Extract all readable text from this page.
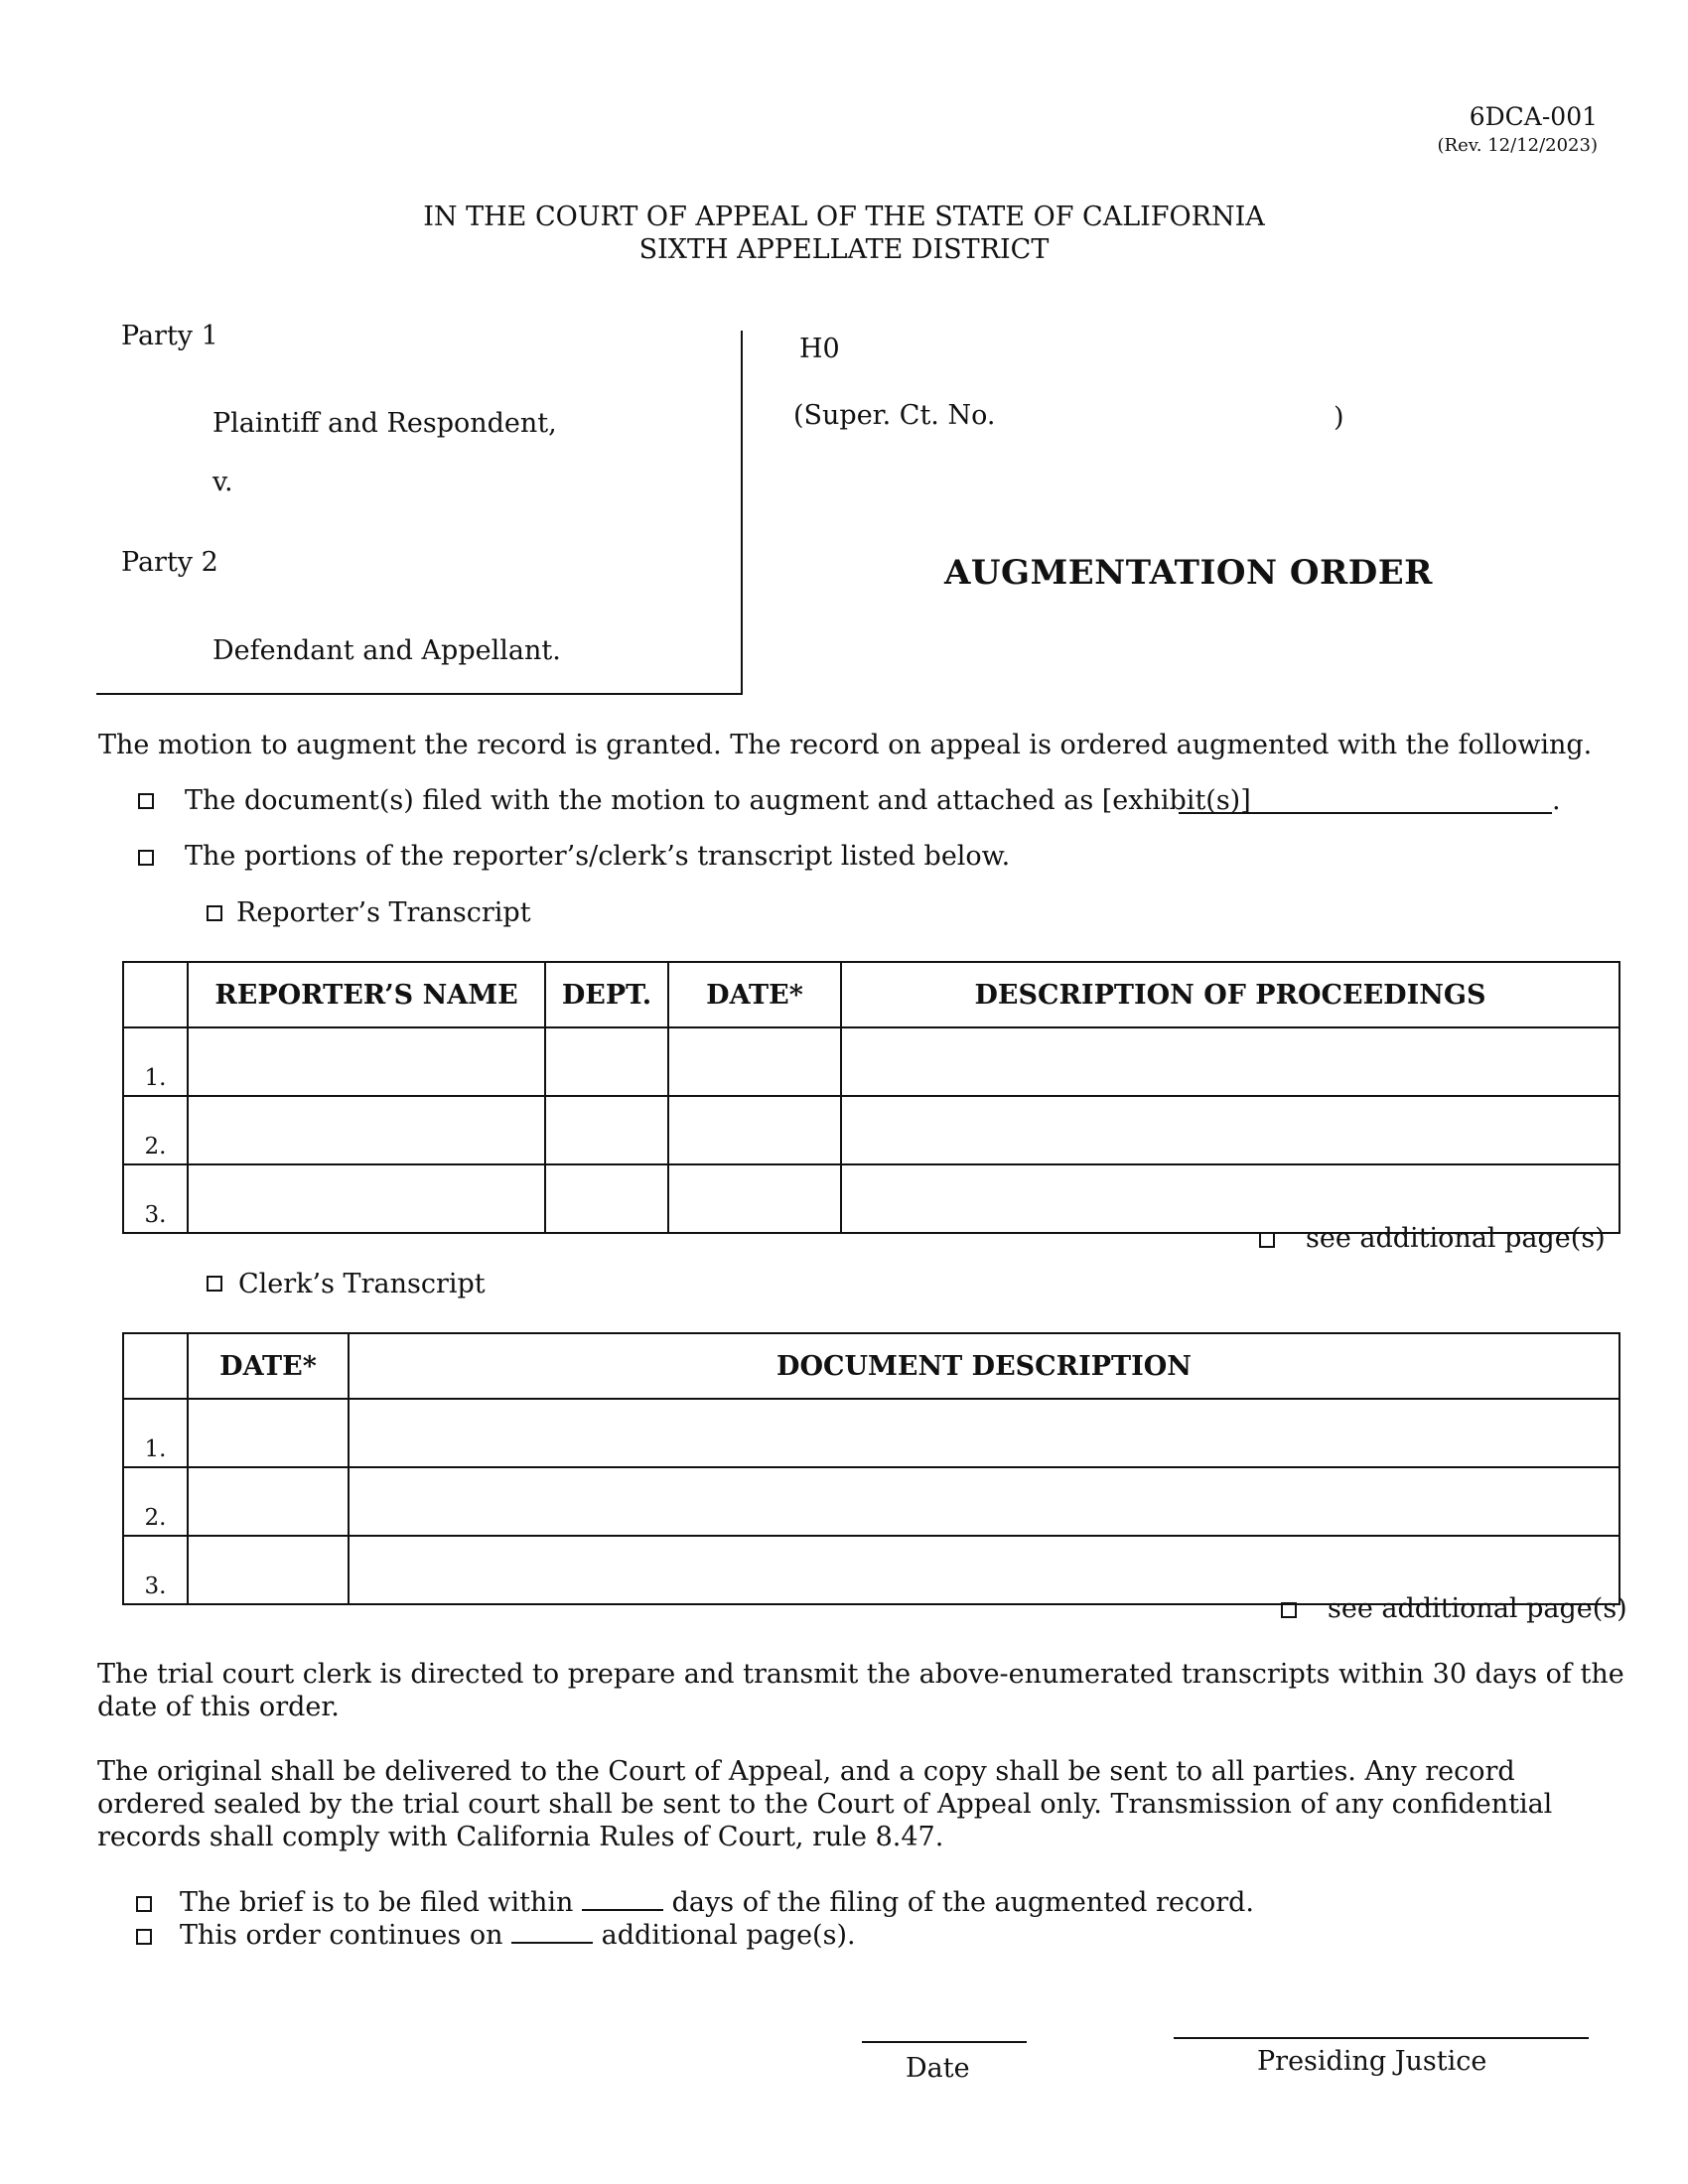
6DCA-001
(Rev. 12/12/2023)
IN THE COURT OF APPEAL OF THE STATE OF CALIFORNIA
SIXTH APPELLATE DISTRICT
Party 1
Plaintiff and Respondent,
v.
Party 2
Defendant and Appellant.
H0
(Super. Ct. No.	)
AUGMENTATION ORDER
The motion to augment the record is granted. The record on appeal is ordered augmented with the following.
The document(s) filed with the motion to augment and attached as [exhibit(s)]	.
The portions of the reporter’s/clerk’s transcript listed below.
Reporter’s Transcript
	REPORTER’S NAME	DEPT.	DATE*	DESCRIPTION OF PROCEEDINGS
1.				
2.				
3.				
see additional page(s)
Clerk’s Transcript
	DATE*	DOCUMENT DESCRIPTION
1.		
2.		
3.		
see additional page(s)
The trial court clerk is directed to prepare and transmit the above-enumerated transcripts within 30 days of the date of this order.
The original shall be delivered to the Court of Appeal, and a copy shall be sent to all parties. Any record ordered sealed by the trial court shall be sent to the Court of Appeal only. Transmission of any confidential records shall comply with California Rules of Court, rule 8.47.
The brief is to be filed within	days of the filing of the augmented record.
This order continues on	additional page(s).
Date	Presiding Justice
